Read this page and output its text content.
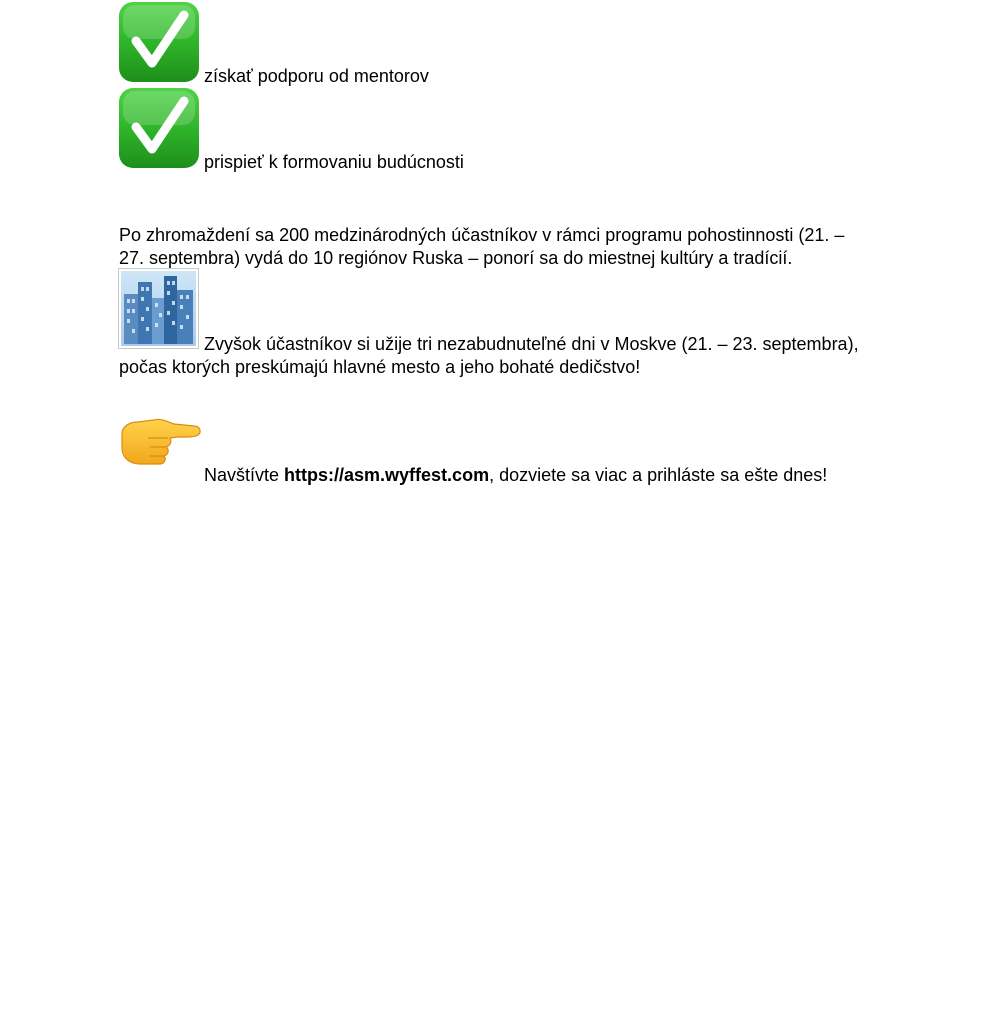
získať podporu od mentorov
prispieť k formovaniu budúcnosti
Po zhromaždení sa 200 medzinárodných účastníkov v rámci programu pohostinnosti (21. –
27. septembra) vydá do 10 regiónov Ruska – ponorí sa do miestnej kultúry a tradícií.
Zvyšok účastníkov si užije tri nezabudnuteľné dni v Moskve (21. – 23. septembra),
počas ktorých preskúmajú hlavné mesto a jeho bohaté dedičstvo!
Navštívte https://asm.wyffest.com, dozviete sa viac a prihláste sa ešte dnes!
